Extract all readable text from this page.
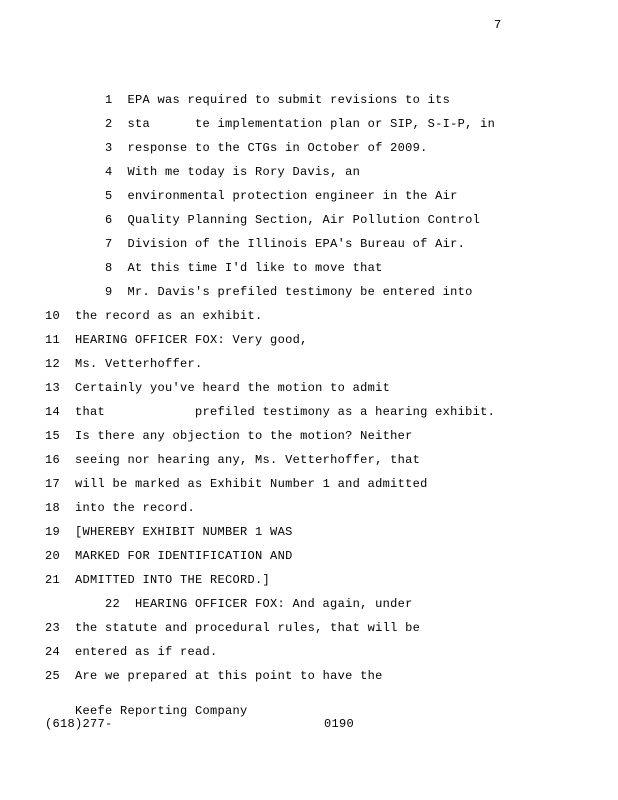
7
1 EPA was required to submit revisions to its
2 sta      te implementation plan or SIP, S-I-P, in
3 response to the CTGs in October of 2009.
4 With me today is Rory Davis, an
5 environmental protection engineer in the Air
6 Quality Planning Section, Air Pollution Control
7 Division of the Illinois EPA's Bureau of Air.
8 At this time I'd like to move that
9 Mr. Davis's prefiled testimony be entered into
10 the record as an exhibit.
11 HEARING OFFICER FOX: Very good,
12 Ms. Vetterhoffer.
13 Certainly you've heard the motion to admit
14 that            prefiled testimony as a hearing exhibit.
15 Is there any objection to the motion? Neither
16 seeing nor hearing any, Ms. Vetterhoffer, that
17 will be marked as Exhibit Number 1 and admitted
18 into the record.
19 [WHEREBY EXHIBIT NUMBER 1 WAS
20 MARKED FOR IDENTIFICATION AND
21 ADMITTED INTO THE RECORD.]
22 HEARING OFFICER FOX: And again, under
23 the statute and procedural rules, that will be
24 entered as if read.
25 Are we prepared at this point to have the
Keefe Reporting Company
(618)277-	0190
